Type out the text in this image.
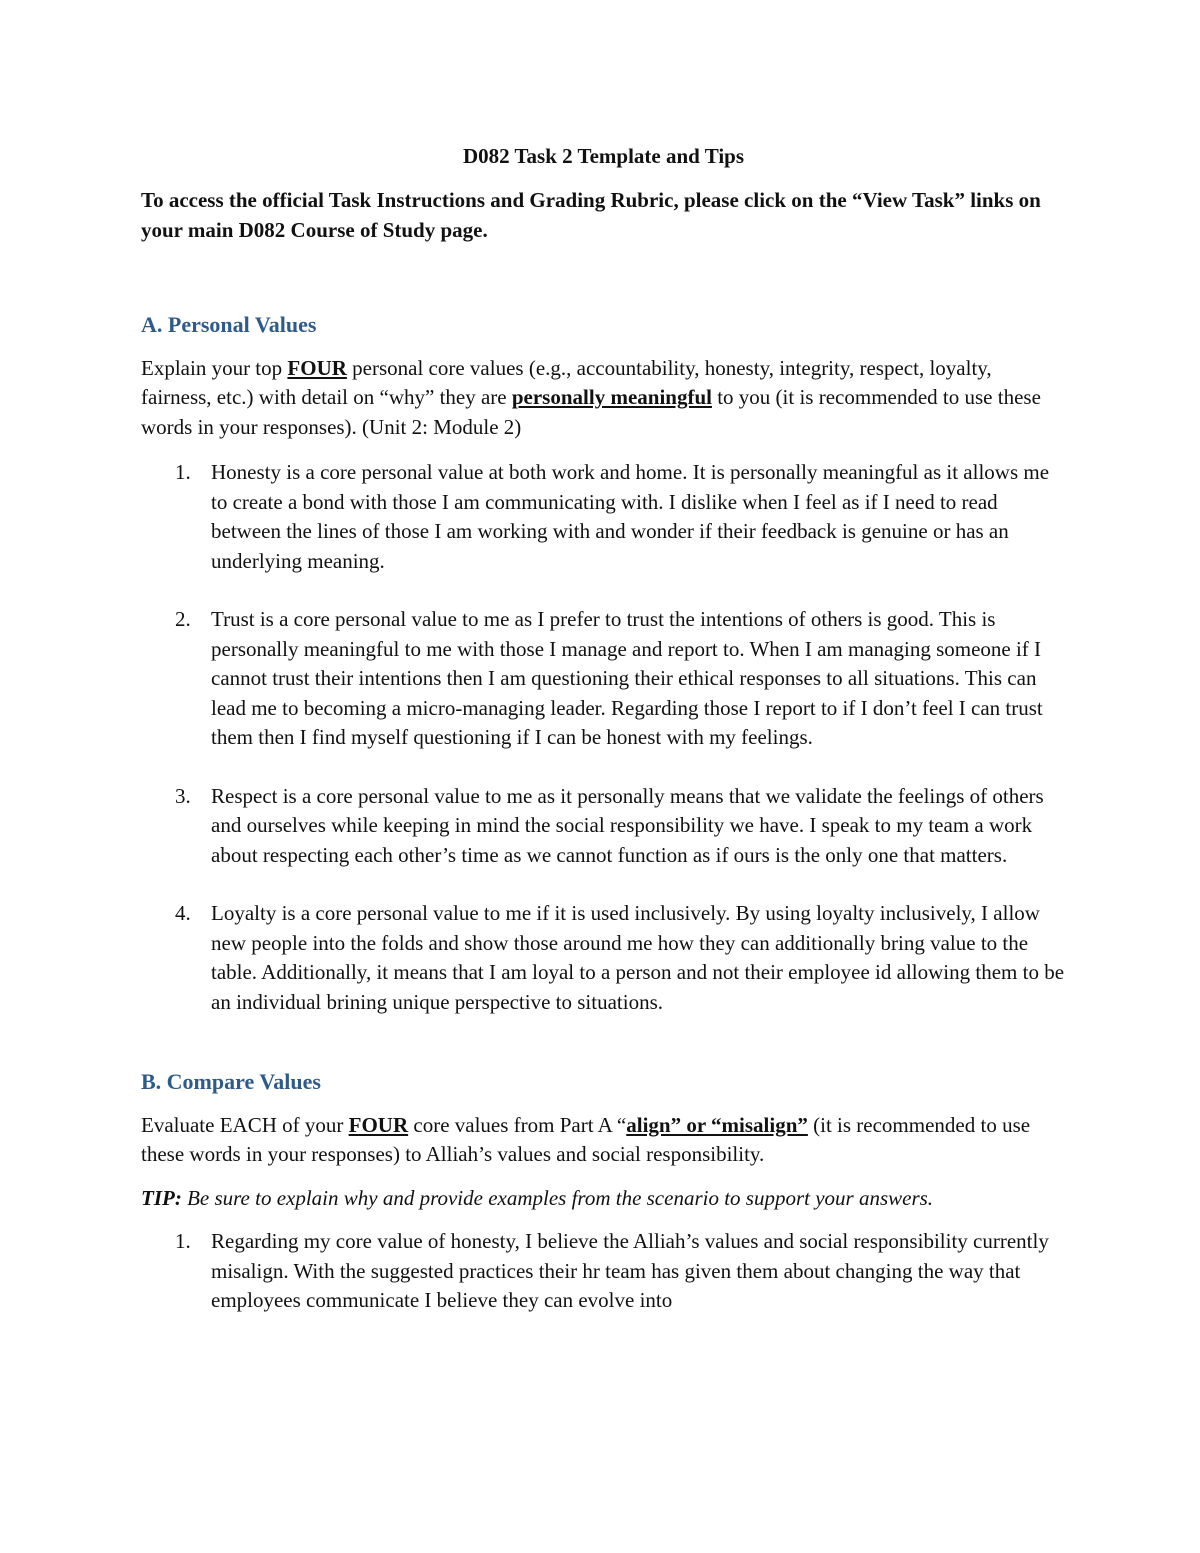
D082 Task 2 Template and Tips

To access the official Task Instructions and Grading Rubric, please click on the “View Task” links on your main D082 Course of Study page.

A. Personal Values

Explain your top FOUR personal core values (e.g., accountability, honesty, integrity, respect, loyalty, fairness, etc.) with detail on “why” they are personally meaningful to you (it is recommended to use these words in your responses). (Unit 2: Module 2)

1. Honesty is a core personal value at both work and home. It is personally meaningful as it allows me to create a bond with those I am communicating with. I dislike when I feel as if I need to read between the lines of those I am working with and wonder if their feedback is genuine or has an underlying meaning.
2. Trust is a core personal value to me as I prefer to trust the intentions of others is good. This is personally meaningful to me with those I manage and report to. When I am managing someone if I cannot trust their intentions then I am questioning their ethical responses to all situations. This can lead me to becoming a micro-managing leader. Regarding those I report to if I don’t feel I can trust them then I find myself questioning if I can be honest with my feelings.
3. Respect is a core personal value to me as it personally means that we validate the feelings of others and ourselves while keeping in mind the social responsibility we have. I speak to my team a work about respecting each other’s time as we cannot function as if ours is the only one that matters.
4. Loyalty is a core personal value to me if it is used inclusively. By using loyalty inclusively, I allow new people into the folds and show those around me how they can additionally bring value to the table. Additionally, it means that I am loyal to a person and not their employee id allowing them to be an individual brining unique perspective to situations.

B. Compare Values

Evaluate EACH of your FOUR core values from Part A “align” or “misalign” (it is recommended to use these words in your responses) to Alliah’s values and social responsibility.

TIP: Be sure to explain why and provide examples from the scenario to support your answers.

1. Regarding my core value of honesty, I believe the Alliah’s values and social responsibility currently misalign. With the suggested practices their hr team has given them about changing the way that employees communicate I believe they can evolve into
